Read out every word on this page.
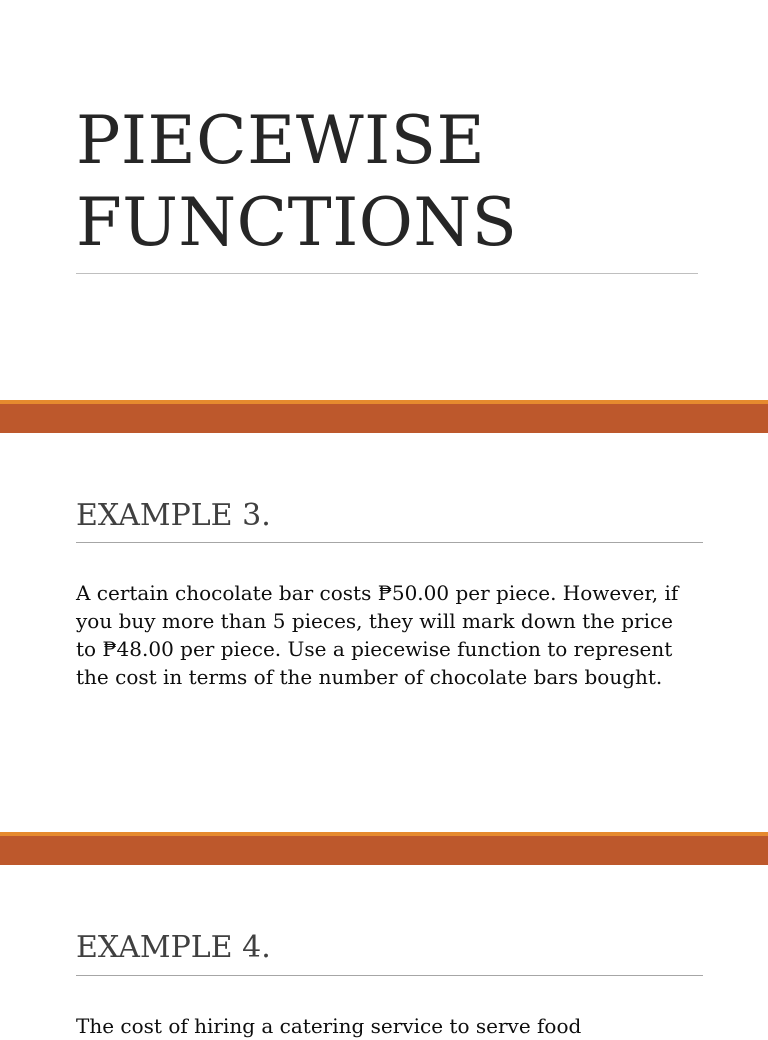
PIECEWISE FUNCTIONS
EXAMPLE 3.

A certain chocolate bar costs ₱50.00 per piece. However, if you buy more than 5 pieces, they will mark down the price to ₱48.00 per piece. Use a piecewise function to represent the cost in terms of the number of chocolate bars bought.

EXAMPLE 4.

The cost of hiring a catering service to serve food
